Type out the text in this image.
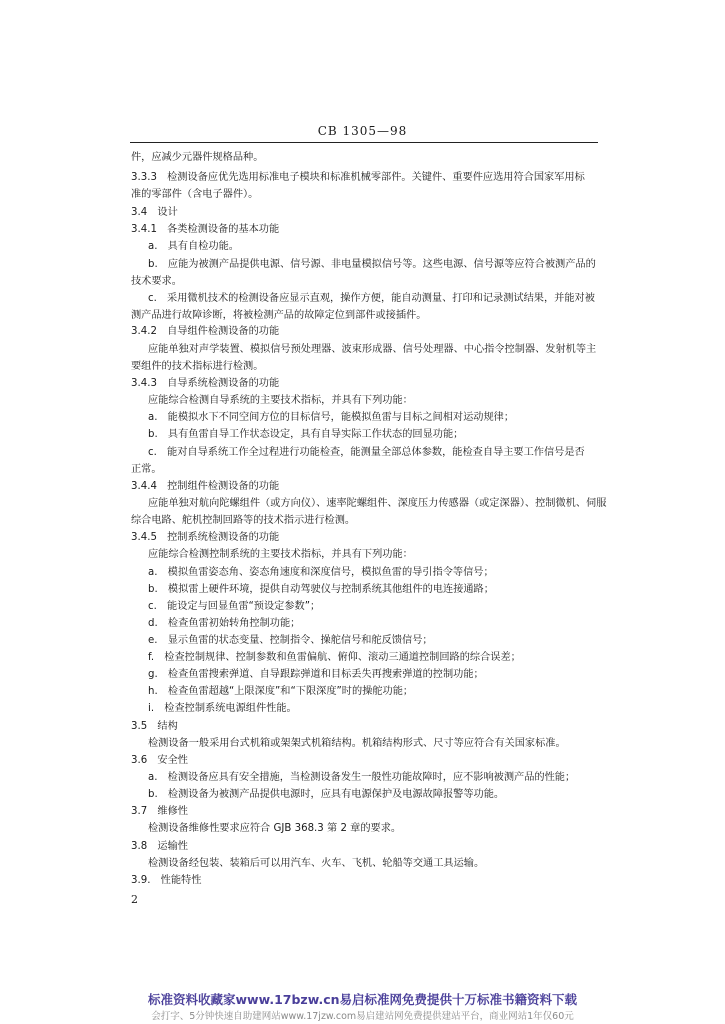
CB 1305—98
件，应减少元器件规格品种。
3.3.3　检测设备应优先选用标准电子模块和标准机械零部件。关键件、重要件应选用符合国家军用标
准的零部件（含电子器件）。
3.4　设计
3.4.1　各类检测设备的基本功能
a.　具有自检功能。
b.　应能为被测产品提供电源、信号源、非电量模拟信号等。这些电源、信号源等应符合被测产品的
技术要求。
c.　采用微机技术的检测设备应显示直观，操作方便，能自动测量、打印和记录测试结果，并能对被
测产品进行故障诊断，将被检测产品的故障定位到部件或接插件。
3.4.2　自导组件检测设备的功能
应能单独对声学装置、模拟信号预处理器、波束形成器、信号处理器、中心指令控制器、发射机等主
要组件的技术指标进行检测。
3.4.3　自导系统检测设备的功能
应能综合检测自导系统的主要技术指标，并具有下列功能：
a.　能模拟水下不同空间方位的目标信号，能模拟鱼雷与目标之间相对运动规律；
b.　具有鱼雷自导工作状态设定，具有自导实际工作状态的回显功能；
c.　能对自导系统工作全过程进行功能检查，能测量全部总体参数，能检查自导主要工作信号是否
正常。
3.4.4　控制组件检测设备的功能
应能单独对航向陀螺组件（或方向仪）、速率陀螺组件、深度压力传感器（或定深器）、控制微机、伺服
综合电路、舵机控制回路等的技术指示进行检测。
3.4.5　控制系统检测设备的功能
应能综合检测控制系统的主要技术指标，并具有下列功能：
a.　模拟鱼雷姿态角、姿态角速度和深度信号，模拟鱼雷的导引指令等信号；
b.　模拟雷上硬件环境，提供自动驾驶仪与控制系统其他组件的电连接通路；
c.　能设定与回显鱼雷“预设定参数”；
d.　检查鱼雷初始转角控制功能；
e.　显示鱼雷的状态变量、控制指令、操舵信号和舵反馈信号；
f.　检查控制规律、控制参数和鱼雷偏航、俯仰、滚动三通道控制回路的综合误差；
g.　检查鱼雷搜索弹道、自导跟踪弹道和目标丢失再搜索弹道的控制功能；
h.　检查鱼雷超越“上限深度”和“下限深度”时的操舵功能；
i.　检查控制系统电源组件性能。
3.5　结构
检测设备一般采用台式机箱或架架式机箱结构。机箱结构形式、尺寸等应符合有关国家标准。
3.6　安全性
a.　检测设备应具有安全措施，当检测设备发生一般性功能故障时，应不影响被测产品的性能；
b.　检测设备为被测产品提供电源时，应具有电源保护及电源故障报警等功能。
3.7　维修性
检测设备维修性要求应符合 GJB 368.3 第 2 章的要求。
3.8　运输性
检测设备经包装、装箱后可以用汽车、火车、飞机、轮船等交通工具运输。
3.9.　性能特性
2
标准资料收藏家www.17bzw.cn易启标准网免费提供十万标准书籍资料下载
会打字、5分钟快速自助建网站www.17jzw.com易启建站网免费提供建站平台，商业网站1年仅60元
